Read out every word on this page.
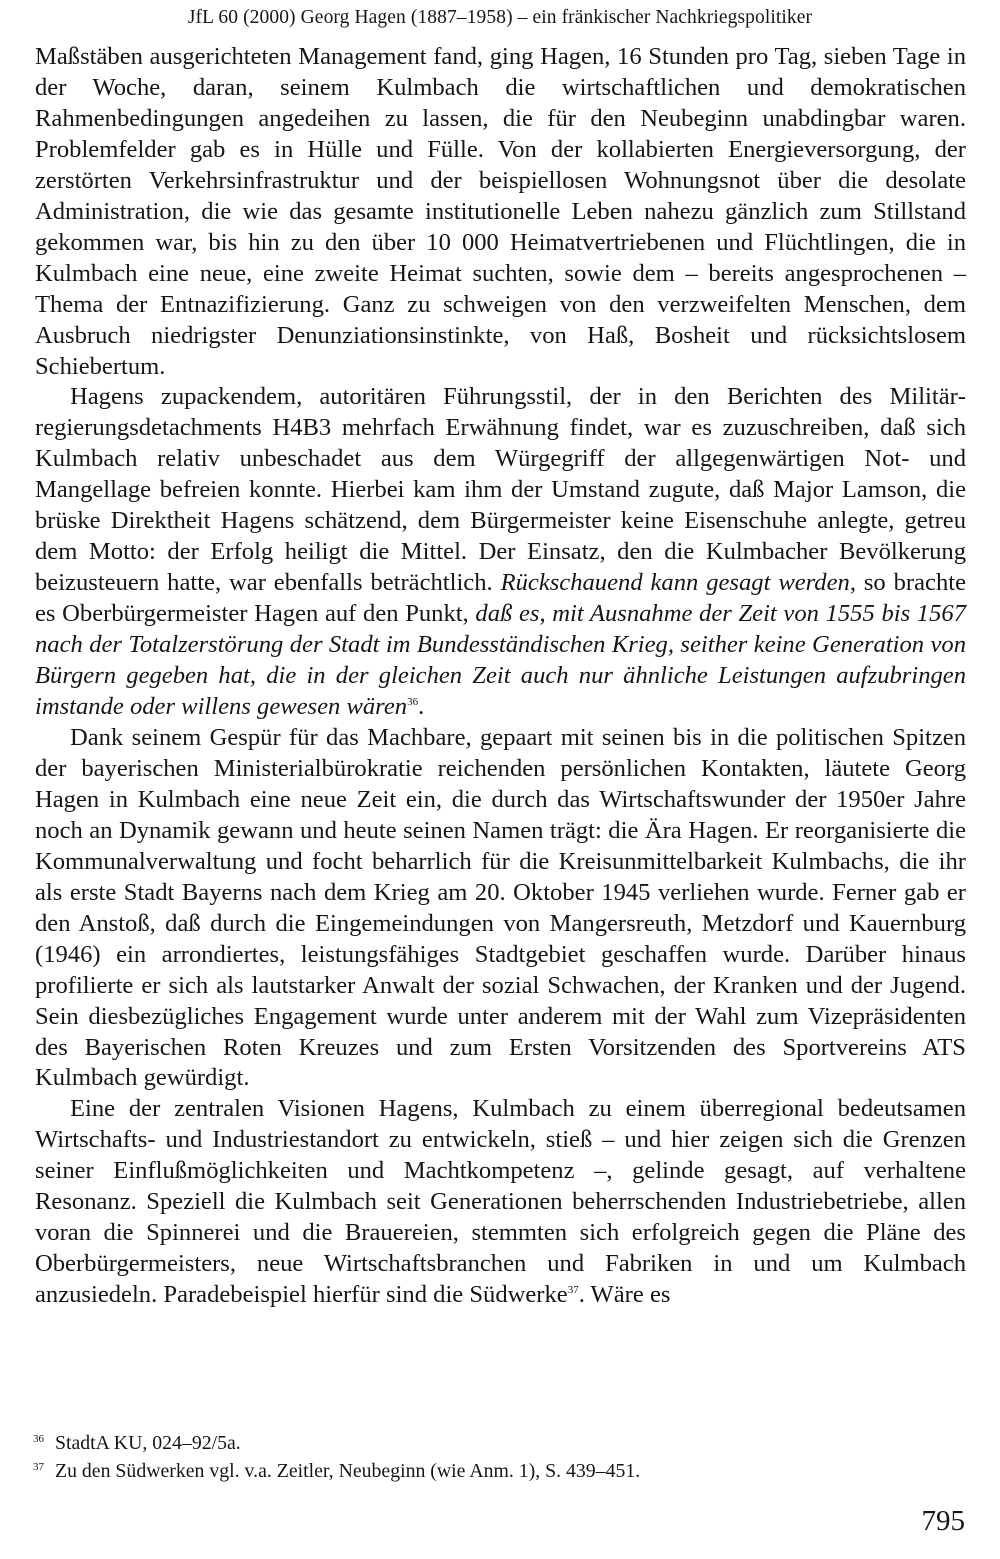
JfL 60 (2000) Georg Hagen (1887–1958) – ein fränkischer Nachkriegspolitiker

Maßstäben ausgerichteten Management fand, ging Hagen, 16 Stunden pro Tag, sieben Tage in der Woche, daran, seinem Kulmbach die wirtschaftlichen und demokratischen Rahmenbedingungen angedeihen zu lassen, die für den Neubeginn unabdingbar waren. Problemfelder gab es in Hülle und Fülle. Von der kollabierten Energieversorgung, der zerstörten Verkehrsinfrastruktur und der beispiellosen Wohnungsnot über die desolate Administration, die wie das gesamte institutionelle Leben nahezu gänzlich zum Stillstand gekommen war, bis hin zu den über 10 000 Heimatvertriebenen und Flüchtlingen, die in Kulmbach eine neue, eine zweite Heimat suchten, sowie dem – bereits angesprochenen – Thema der Entnazifizierung. Ganz zu schweigen von den verzweifelten Menschen, dem Ausbruch niedrigster Denunziationsinstinkte, von Haß, Bosheit und rücksichtslosem Schiebertum.

Hagens zupackendem, autoritären Führungsstil, der in den Berichten des Militärregierungsdetachments H4B3 mehrfach Erwähnung findet, war es zuzuschreiben, daß sich Kulmbach relativ unbeschadet aus dem Würgegriff der allgegenwärtigen Not- und Mangellage befreien konnte. Hierbei kam ihm der Umstand zugute, daß Major Lamson, die brüske Direktheit Hagens schätzend, dem Bürgermeister keine Eisenschuhe anlegte, getreu dem Motto: der Erfolg heiligt die Mittel. Der Einsatz, den die Kulmbacher Bevölkerung beizusteuern hatte, war ebenfalls beträchtlich. Rückschauend kann gesagt werden, so brachte es Oberbürgermeister Hagen auf den Punkt, daß es, mit Ausnahme der Zeit von 1555 bis 1567 nach der Totalzerstörung der Stadt im Bundesständischen Krieg, seither keine Generation von Bürgern gegeben hat, die in der gleichen Zeit auch nur ähnliche Leistungen aufzubringen imstande oder willens gewesen wären$^{36}$.

Dank seinem Gespür für das Machbare, gepaart mit seinen bis in die politischen Spitzen der bayerischen Ministerialbürokratie reichenden persönlichen Kontakten, läutete Georg Hagen in Kulmbach eine neue Zeit ein, die durch das Wirtschaftswunder der 1950er Jahre noch an Dynamik gewann und heute seinen Namen trägt: die Ära Hagen. Er reorganisierte die Kommunalverwaltung und focht beharrlich für die Kreisunmittelbarkeit Kulmbachs, die ihr als erste Stadt Bayerns nach dem Krieg am 20. Oktober 1945 verliehen wurde. Ferner gab er den Anstoß, daß durch die Eingemeindungen von Mangersreuth, Metzdorf und Kauernburg (1946) ein arrondiertes, leistungsfähiges Stadtgebiet geschaffen wurde. Darüber hinaus profilierte er sich als lautstarker Anwalt der sozial Schwachen, der Kranken und der Jugend. Sein diesbezügliches Engagement wurde unter anderem mit der Wahl zum Vizepräsidenten des Bayerischen Roten Kreuzes und zum Ersten Vorsitzenden des Sportvereins ATS Kulmbach gewürdigt.

Eine der zentralen Visionen Hagens, Kulmbach zu einem überregional bedeutsamen Wirtschafts- und Industriestandort zu entwickeln, stieß – und hier zeigen sich die Grenzen seiner Einflußmöglichkeiten und Machtkompetenz –, gelinde gesagt, auf verhaltene Resonanz. Speziell die Kulmbach seit Generationen beherrschenden Industriebetriebe, allen voran die Spinnerei und die Brauereien, stemmten sich erfolgreich gegen die Pläne des Oberbürgermeisters, neue Wirtschaftsbranchen und Fabriken in und um Kulmbach anzusiedeln. Paradebeispiel hierfür sind die Südwerke$^{37}$. Wäre es

36 StadtA KU, 024–92/5a.
37 Zu den Südwerken vgl. v.a. Zeitler, Neubeginn (wie Anm. 1), S. 439–451.
795
